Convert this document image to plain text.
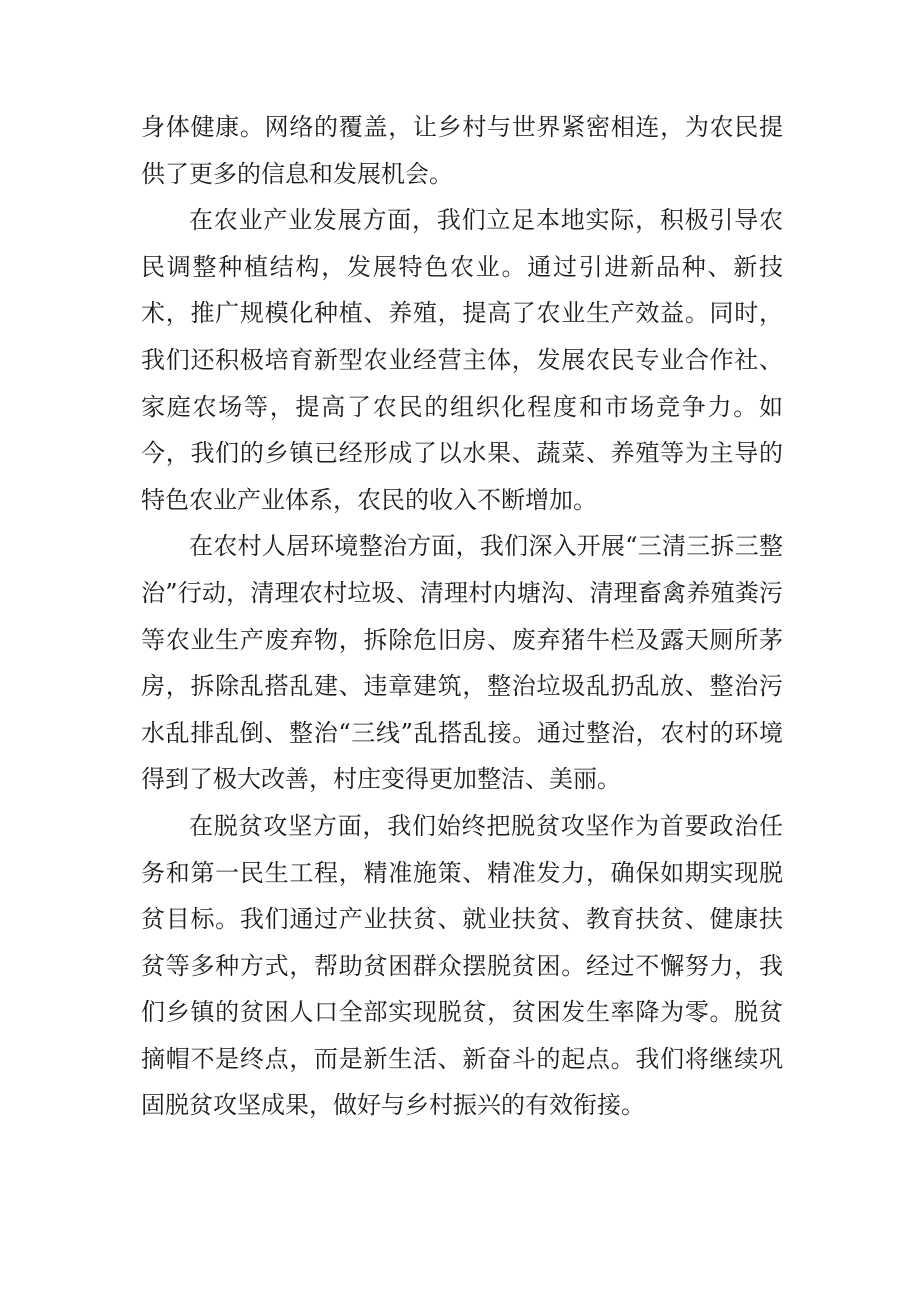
身体健康。网络的覆盖，让乡村与世界紧密相连，为农民提供了更多的信息和发展机会。

在农业产业发展方面，我们立足本地实际，积极引导农民调整种植结构，发展特色农业。通过引进新品种、新技术，推广规模化种植、养殖，提高了农业生产效益。同时，我们还积极培育新型农业经营主体，发展农民专业合作社、家庭农场等，提高了农民的组织化程度和市场竞争力。如今，我们的乡镇已经形成了以水果、蔬菜、养殖等为主导的特色农业产业体系，农民的收入不断增加。

在农村人居环境整治方面，我们深入开展“三清三拆三整治”行动，清理农村垃圾、清理村内塘沟、清理畜禽养殖粪污等农业生产废弃物，拆除危旧房、废弃猪牛栏及露天厕所茅房，拆除乱搭乱建、违章建筑，整治垃圾乱扔乱放、整治污水乱排乱倒、整治“三线”乱搭乱接。通过整治，农村的环境得到了极大改善，村庄变得更加整洁、美丽。

在脱贫攻坚方面，我们始终把脱贫攻坚作为首要政治任务和第一民生工程，精准施策、精准发力，确保如期实现脱贫目标。我们通过产业扶贫、就业扶贫、教育扶贫、健康扶贫等多种方式，帮助贫困群众摆脱贫困。经过不懈努力，我们乡镇的贫困人口全部实现脱贫，贫困发生率降为零。脱贫摘帽不是终点，而是新生活、新奋斗的起点。我们将继续巩固脱贫攻坚成果，做好与乡村振兴的有效衔接。
